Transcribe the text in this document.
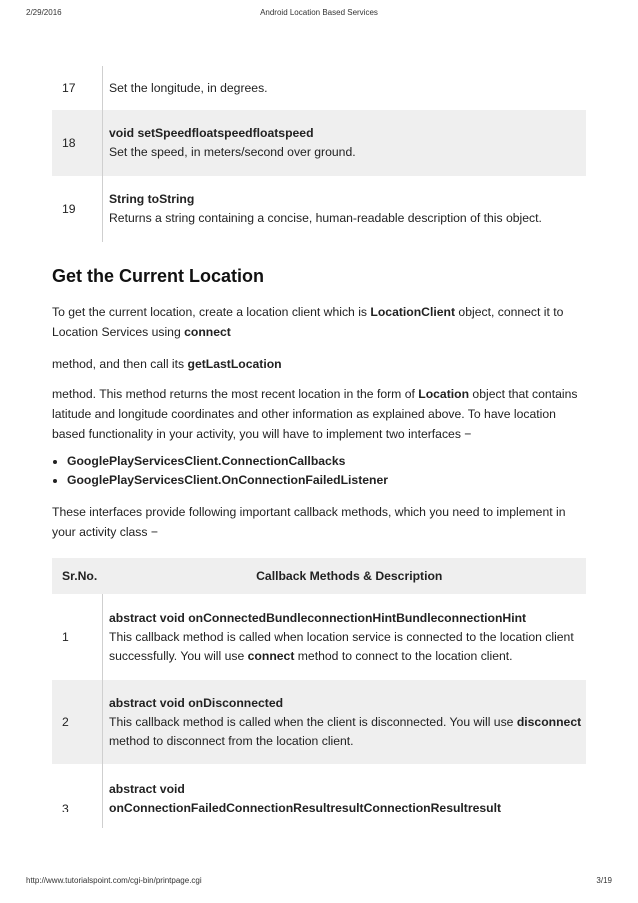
2/29/2016	Android Location Based Services
17	Set the longitude, in degrees.
18	void setSpeedfloatspeedfloatspeed
Set the speed, in meters/second over ground.
19	String toString
Returns a string containing a concise, human-readable description of this object.
Get the Current Location

To get the current location, create a location client which is LocationClient object, connect it to Location Services using connect

method, and then call its getLastLocation

method. This method returns the most recent location in the form of Location object that contains latitude and longitude coordinates and other information as explained above. To have location based functionality in your activity, you will have to implement two interfaces −

• GooglePlayServicesClient.ConnectionCallbacks
• GooglePlayServicesClient.OnConnectionFailedListener

These interfaces provide following important callback methods, which you need to implement in your activity class −

Sr.No.	Callback Methods & Description
1	abstract void onConnectedBundleconnectionHintBundleconnectionHint
This callback method is called when location service is connected to the location client successfully. You will use connect method to connect to the location client.
2	abstract void onDisconnected
This callback method is called when the client is disconnected. You will use disconnect method to disconnect from the location client.

3	abstract void
onConnectionFailedConnectionResultresultConnectionResultresult
http://www.tutorialspoint.com/cgi-bin/printpage.cgi	3/19
